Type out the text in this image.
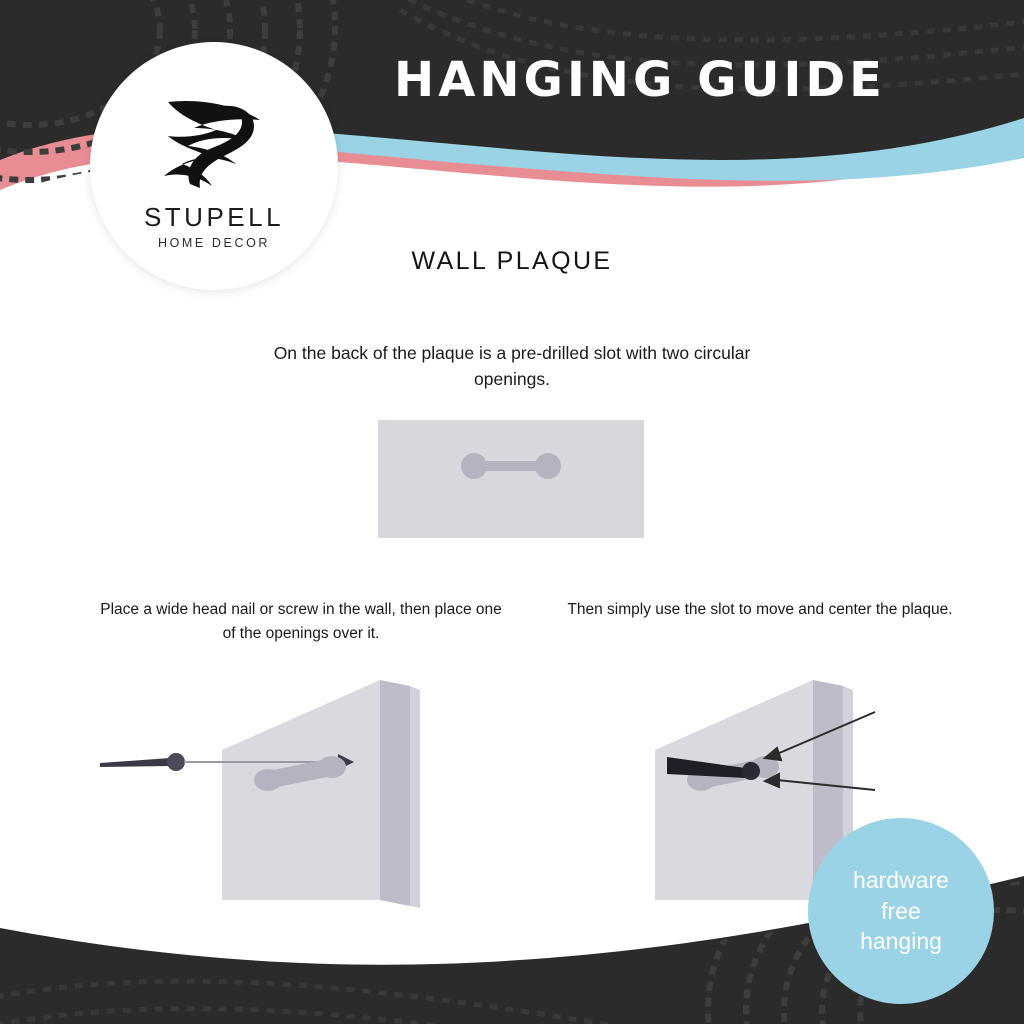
STUPELL
HOME DECOR
HANGING GUIDE
WALL PLAQUE
On the back of the plaque is a pre-drilled slot with two circular openings.
Place a wide head nail or screw in the wall, then place one of the openings over it.
Then simply use the slot to move and center the plaque.
hardware
free
hanging
